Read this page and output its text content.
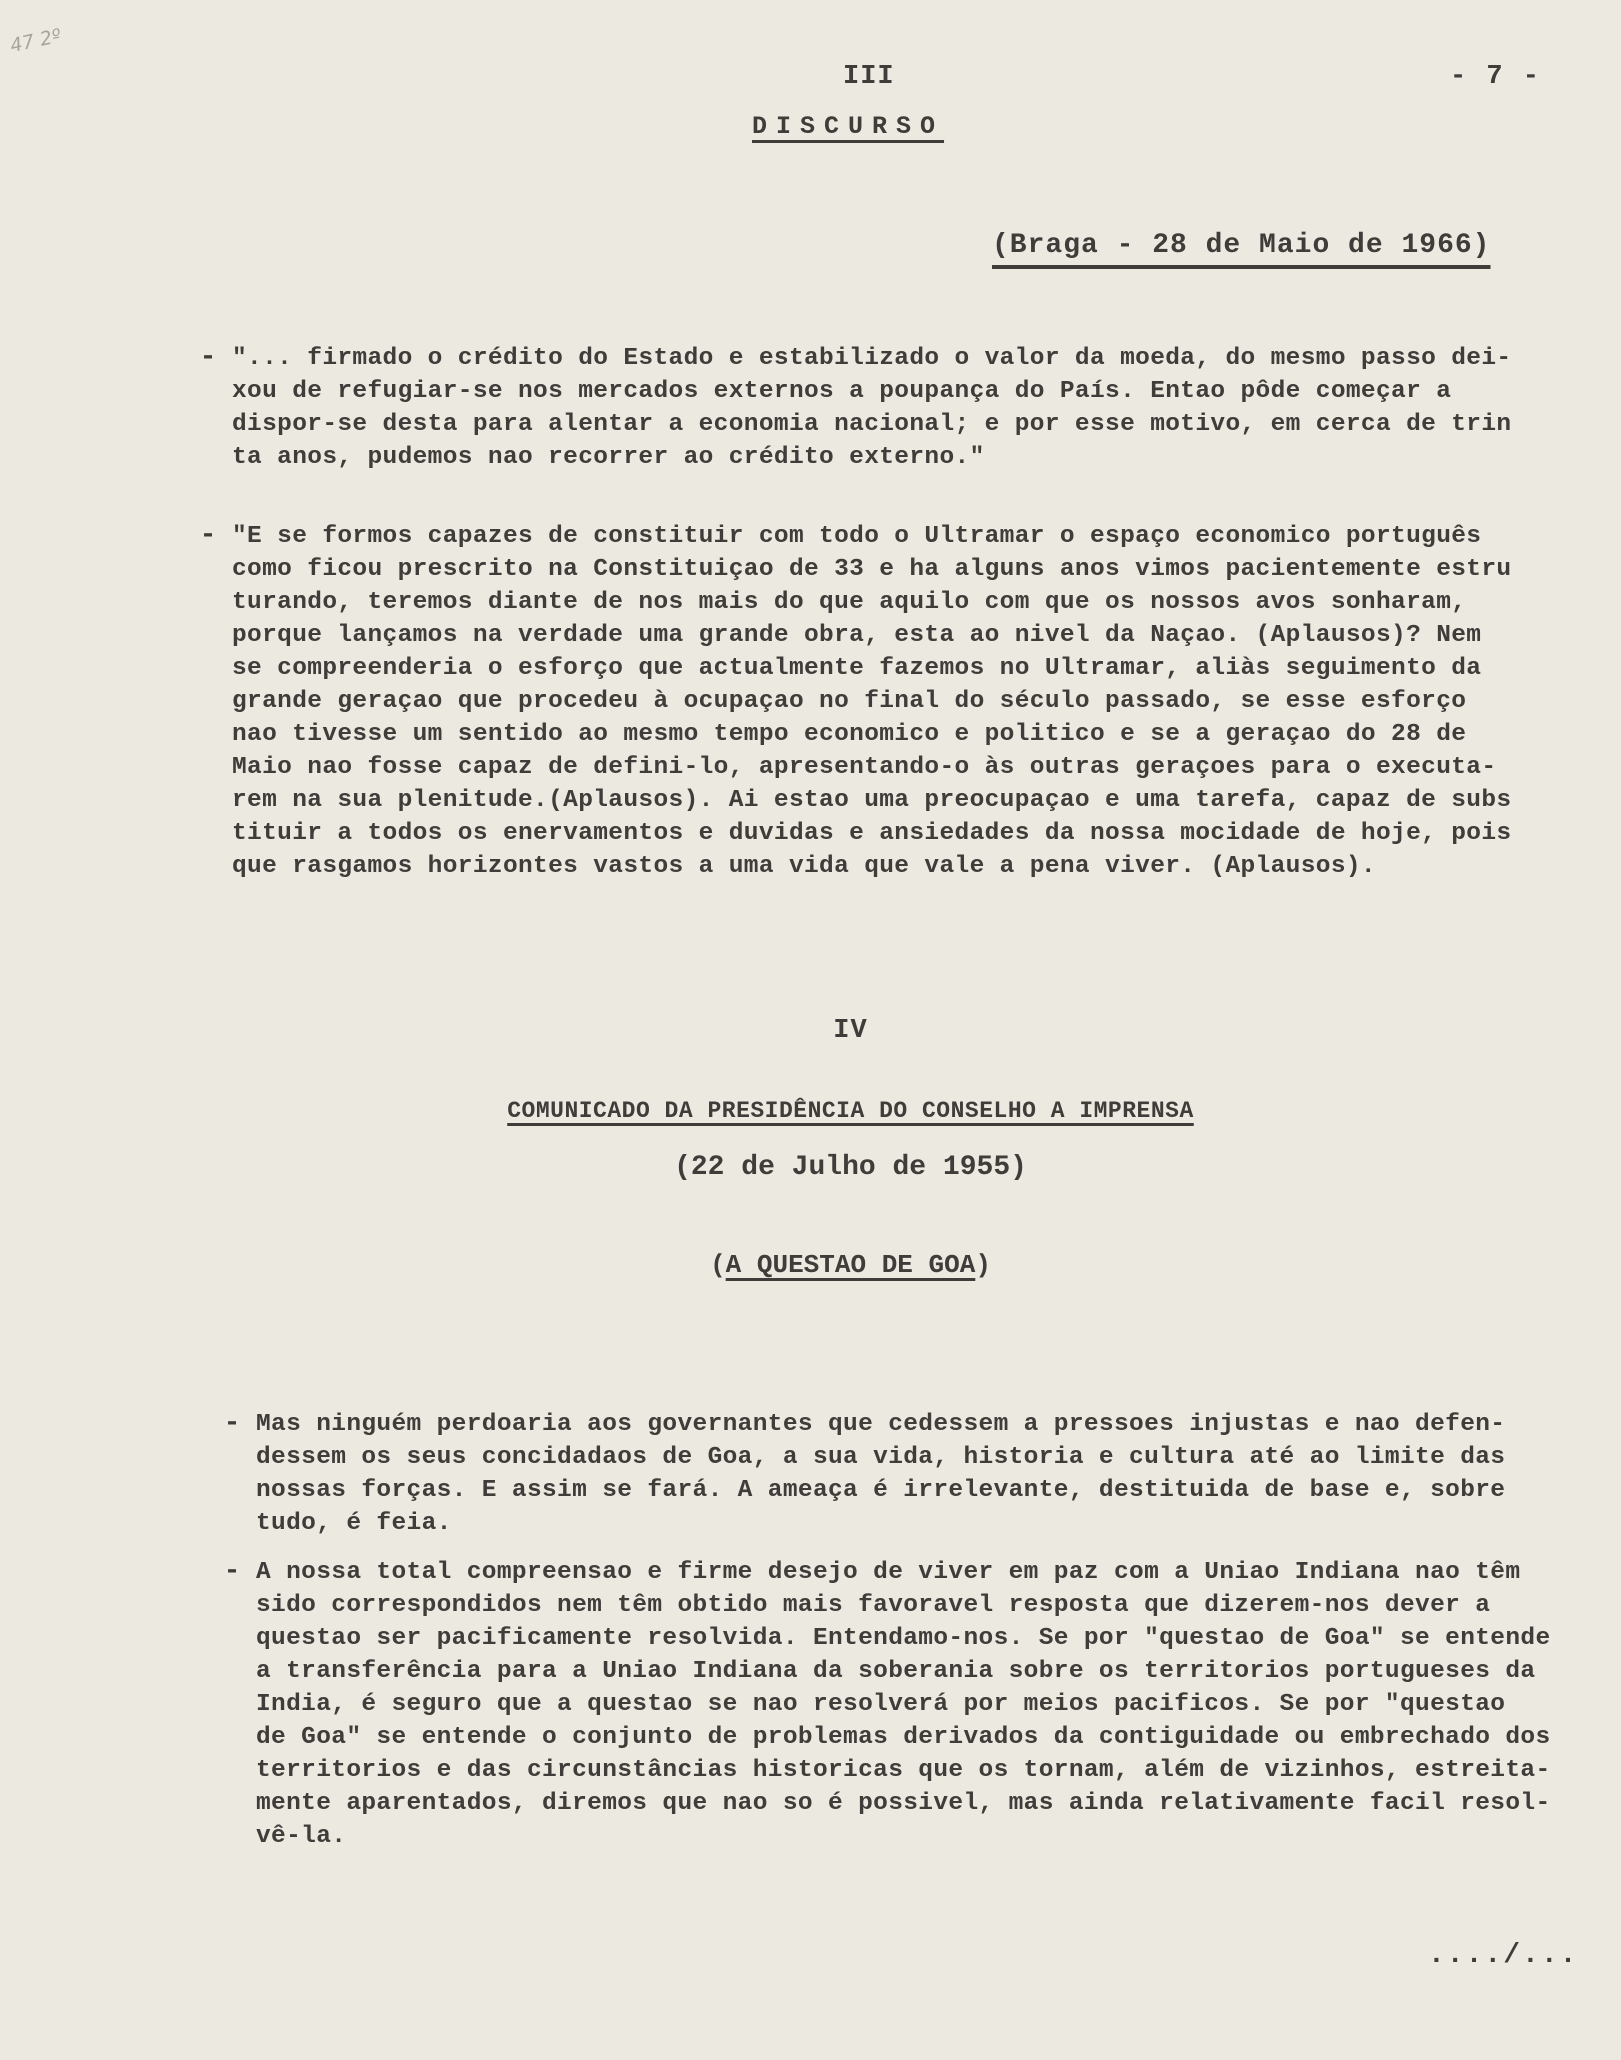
47 2º
III	- 7 -
DISCURSO
(Braga - 28 de Maio de 1966)
- "... firmado o crédito do Estado e estabilizado o valor da moeda, do mesmo passo dei-
xou de refugiar-se nos mercados externos a poupança do País. Entao pôde começar a
dispor-se desta para alentar a economia nacional; e por esse motivo, em cerca de trin
ta anos, pudemos nao recorrer ao crédito externo."
- "E se formos capazes de constituir com todo o Ultramar o espaço economico português
como ficou prescrito na Constituiçao de 33 e ha alguns anos vimos pacientemente estru
turando, teremos diante de nos mais do que aquilo com que os nossos avos sonharam,
porque lançamos na verdade uma grande obra, esta ao nivel da Naçao. (Aplausos)? Nem
se compreenderia o esforço que actualmente fazemos no Ultramar, aliàs seguimento da
grande geraçao que procedeu à ocupaçao no final do século passado, se esse esforço
nao tivesse um sentido ao mesmo tempo economico e politico e se a geraçao do 28 de
Maio nao fosse capaz de defini-lo, apresentando-o às outras geraçoes para o executa-
rem na sua plenitude.(Aplausos). Ai estao uma preocupaçao e uma tarefa, capaz de subs
tituir a todos os enervamentos e duvidas e ansiedades da nossa mocidade de hoje, pois
que rasgamos horizontes vastos a uma vida que vale a pena viver. (Aplausos).
IV
COMUNICADO DA PRESIDÊNCIA DO CONSELHO A IMPRENSA
(22 de Julho de 1955)
(A QUESTAO DE GOA)
- Mas ninguém perdoaria aos governantes que cedessem a pressoes injustas e nao defen-
dessem os seus concidadaos de Goa, a sua vida, historia e cultura até ao limite das
nossas forças. E assim se fará. A ameaça é irrelevante, destituida de base e, sobre
tudo, é feia.
- A nossa total compreensao e firme desejo de viver em paz com a Uniao Indiana nao têm
sido correspondidos nem têm obtido mais favoravel resposta que dizerem-nos dever a
questao ser pacificamente resolvida. Entendamo-nos. Se por "questao de Goa" se entende
a transferência para a Uniao Indiana da soberania sobre os territorios portugueses da
India, é seguro que a questao se nao resolverá por meios pacificos. Se por "questao
de Goa" se entende o conjunto de problemas derivados da contiguidade ou embrechado dos
territorios e das circunstâncias historicas que os tornam, além de vizinhos, estreita-
mente aparentados, diremos que nao so é possivel, mas ainda relativamente facil resol-
vê-la.
..../...
